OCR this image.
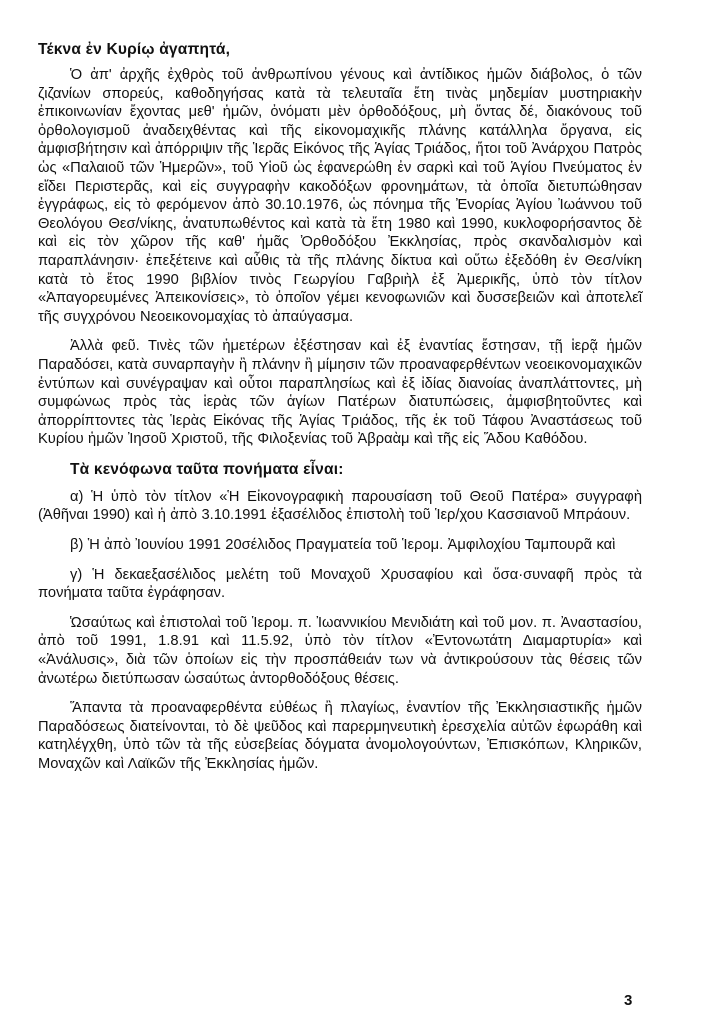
Τέκνα ἐν Κυρίῳ ἀγαπητά,

Ὁ ἀπ' ἀρχῆς ἐχθρὸς τοῦ ἀνθρωπίνου γένους καὶ ἀντίδικος ἡμῶν διάβολος, ὁ τῶν ζιζανίων σπορεύς, καθοδηγήσας κατὰ τὰ τελευταῖα ἔτη τινὰς μηδεμίαν μυστηριακὴν ἐπικοινωνίαν ἔχοντας μεθ' ἡμῶν, ὀνόματι μὲν ὀρθοδόξους, μὴ ὄντας δέ, διακόνους τοῦ ὀρθολογισμοῦ ἀναδειχθέντας καὶ τῆς εἰκονομαχικῆς πλάνης κατάλληλα ὄργανα, εἰς ἀμφισβήτησιν καὶ ἀπόρριψιν τῆς Ἱερᾶς Εἰκόνος τῆς Ἁγίας Τριάδος, ἤτοι τοῦ Ἀνάρχου Πατρὸς ὡς «Παλαιοῦ τῶν Ἡμερῶν», τοῦ Υἱοῦ ὡς ἐφανερώθη ἐν σαρκὶ καὶ τοῦ Ἁγίου Πνεύματος ἐν εἴδει Περιστερᾶς, καὶ εἰς συγγραφὴν κακοδόξων φρονημάτων, τὰ ὁποῖα διετυπώθησαν ἐγγράφως, εἰς τὸ φερόμενον ἀπὸ 30.10.1976, ὡς πόνημα τῆς Ἐνορίας Ἁγίου Ἰωάννου τοῦ Θεολόγου Θεσ/νίκης, ἀνατυπωθέντος καὶ κατὰ τὰ ἔτη 1980 καὶ 1990, κυκλοφορήσαντος δὲ καὶ εἰς τὸν χῶρον τῆς καθ' ἡμᾶς Ὀρθοδόξου Ἐκκλησίας, πρὸς σκανδαλισμὸν καὶ παραπλάνησιν· ἐπεξέτεινε καὶ αὖθις τὰ τῆς πλάνης δίκτυα καὶ οὕτω ἐξεδόθη ἐν Θεσ/νίκη κατὰ τὸ ἔτος 1990 βιβλίον τινὸς Γεωργίου Γαβριὴλ ἐξ Ἀμερικῆς, ὑπὸ τὸν τίτλον «Ἀπαγορευμένες Ἀπεικονίσεις», τὸ ὁποῖον γέμει κενοφωνιῶν καὶ δυσσεβειῶν καὶ ἀποτελεῖ τῆς συγχρόνου Νεοεικονομαχίας τὸ ἀπαύγασμα.

Ἀλλὰ φεῦ. Τινὲς τῶν ἡμετέρων ἐξέστησαν καὶ ἐξ ἐναντίας ἔστησαν, τῇ ἱερᾷ ἡμῶν Παραδόσει, κατὰ συναρπαγὴν ἢ πλάνην ἢ μίμησιν τῶν προαναφερθέντων νεοεικονομαχικῶν ἐντύπων καὶ συνέγραψαν καὶ οὗτοι παραπλησίως καὶ ἐξ ἰδίας διανοίας ἀναπλάττοντες, μὴ συμφώνως πρὸς τὰς ἱερὰς τῶν ἁγίων Πατέρων διατυπώσεις, ἀμφισβητοῦντες καὶ ἀπορρίπτοντες τὰς Ἱερὰς Εἰκόνας τῆς Ἁγίας Τριάδος, τῆς ἐκ τοῦ Τάφου Ἀναστάσεως τοῦ Κυρίου ἡμῶν Ἰησοῦ Χριστοῦ, τῆς Φιλοξενίας τοῦ Ἀβραὰμ καὶ τῆς εἰς Ἅδου Καθόδου.

Τὰ κενόφωνα ταῦτα πονήματα εἶναι:

α) Ἡ ὑπὸ τὸν τίτλον «Ἡ Εἰκονογραφικὴ παρουσίαση τοῦ Θεοῦ Πατέρα» συγγραφὴ (Ἀθῆναι 1990) καὶ ἡ ἀπὸ 3.10.1991 ἑξασέλιδος ἐπιστολὴ τοῦ Ἱερ/χου Κασσιανοῦ Μπράουν.

β) Ἡ ἀπὸ Ἰουνίου 1991 20σέλιδος Πραγματεία τοῦ Ἱερομ. Ἀμφιλοχίου Ταμπουρᾶ καὶ

γ) Ἡ δεκαεξασέλιδος μελέτη τοῦ Μοναχοῦ Χρυσαφίου καὶ ὅσα·συναφῆ πρὸς τὰ πονήματα ταῦτα ἐγράφησαν.

Ὡσαύτως καὶ ἐπιστολαὶ τοῦ Ἱερομ. π. Ἰωαννικίου Μενιδιάτη καὶ τοῦ μον. π. Ἀναστασίου, ἀπὸ τοῦ 1991, 1.8.91 καὶ 11.5.92, ὑπὸ τὸν τίτλον «Ἐντονωτάτη Διαμαρτυρία» καὶ «Ἀνάλυσις», διὰ τῶν ὁποίων εἰς τὴν προσπάθειάν των νὰ ἀντικρούσουν τὰς θέσεις τῶν ἀνωτέρω διετύπωσαν ὡσαύτως ἀντορθοδόξους θέσεις.

Ἅπαντα τὰ προαναφερθέντα εὐθέως ἢ πλαγίως, ἐναντίον τῆς Ἐκκλησιαστικῆς ἡμῶν Παραδόσεως διατείνονται, τὸ δὲ ψεῦδος καὶ παρερμηνευτικὴ ἐρεσχελία αὐτῶν ἐφωράθη καὶ κατηλέγχθη, ὑπὸ τῶν τὰ τῆς εὐσεβείας δόγματα ἀνομολογούντων, Ἐπισκόπων, Κληρικῶν, Μοναχῶν καὶ Λαϊκῶν τῆς Ἐκκλησίας ἡμῶν.

3
